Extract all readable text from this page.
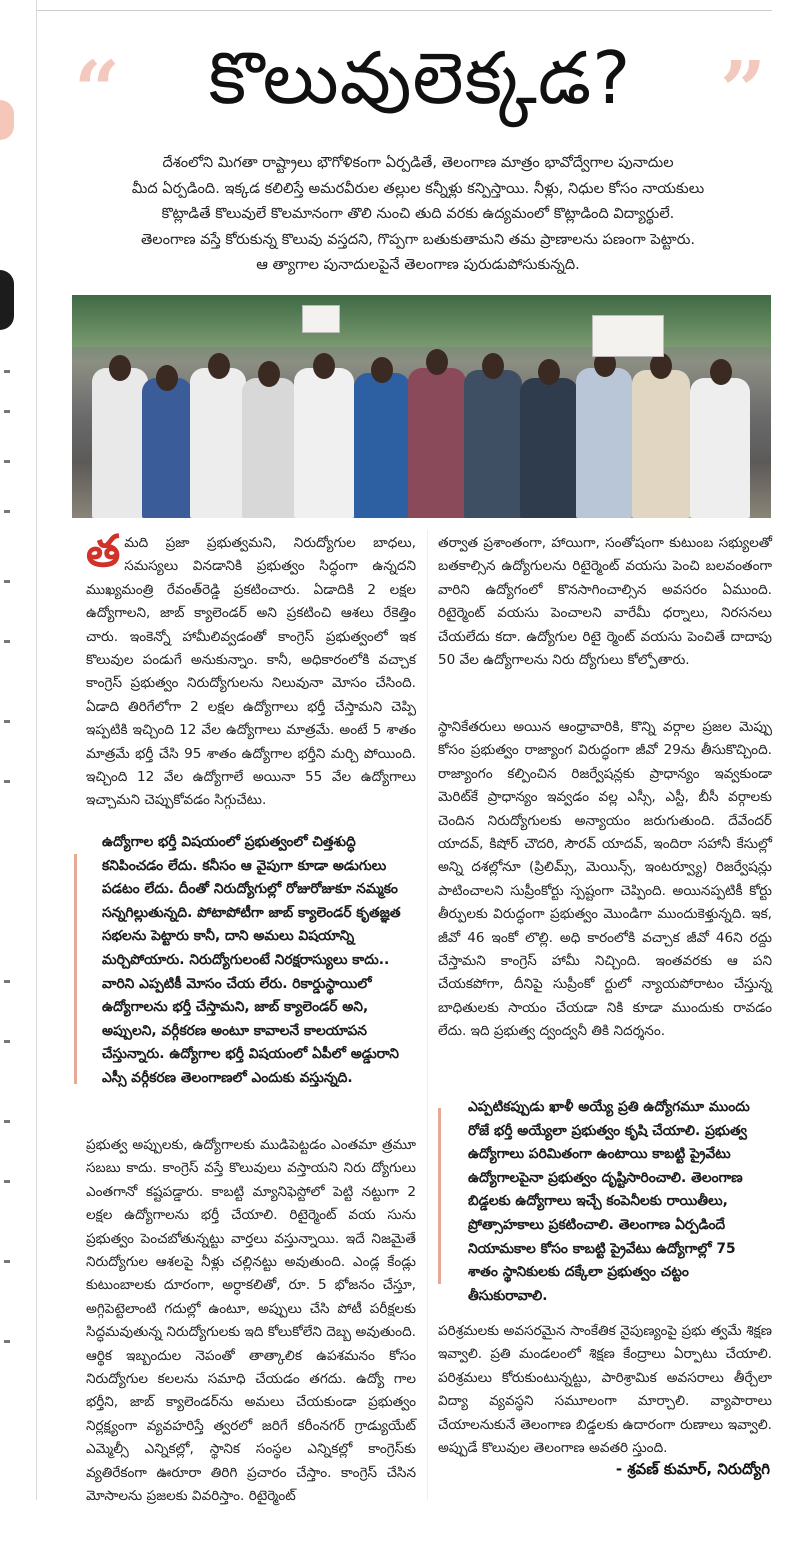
“	కొలువులెక్కడ?	”
దేశంలోని మిగతా రాష్ట్రాలు భౌగోళికంగా ఏర్పడితే, తెలంగాణ మాత్రం భావోద్వేగాల పునాదుల
మీద ఏర్పడింది. ఇక్కడ కలిలిస్తే అమరవీరుల తల్లుల కన్నీళ్లు కన్పిస్తాయి. నీళ్లు, నిధుల కోసం నాయకులు
కొట్లాడితే కొలువులే కొలమానంగా తొలి నుంచి తుది వరకు ఉద్యమంలో కొట్లాడింది విద్యార్థులే.
తెలంగాణ వస్తే కోరుకున్న కొలువు వస్తదని, గొప్పగా బతుకుతామని తమ ప్రాణాలను పణంగా పెట్టారు.
ఆ త్యాగాల పునాదులపైనే తెలంగాణ పురుడుపోసుకున్నది.

తమది ప్రజా ప్రభుత్వమని, నిరుద్యోగుల బాధలు, సమస్యలు వినడానికి ప్రభుత్వం సిద్ధంగా ఉన్నదని ముఖ్యమంత్రి రేవంత్‌రెడ్డి ప్రకటించారు. ఏడాదికి 2 లక్షల ఉద్యోగాలని, జాబ్ క్యాలెండర్ అని ప్రకటించి ఆశలు రేకెత్తిం చారు. ఇంకెన్నో హామీలివ్వడంతో కాంగ్రెస్ ప్రభుత్వంలో ఇక కొలువుల పండుగే అనుకున్నాం. కానీ, అధికారంలోకి వచ్చాక కాంగ్రెస్ ప్రభుత్వం నిరుద్యోగులను నిలువునా మోసం చేసింది. ఏడాది తిరిగేలోగా 2 లక్షల ఉద్యోగాలు భర్తీ చేస్తామని చెప్పి ఇప్పటికి ఇచ్చింది 12 వేల ఉద్యోగాలు మాత్రమే. అంటే 5 శాతం మాత్రమే భర్తీ చేసి 95 శాతం ఉద్యోగాల భర్తీని మర్చి పోయింది. ఇచ్చింది 12 వేల ఉద్యోగాలే అయినా 55 వేల ఉద్యోగాలు ఇచ్చామని చెప్పుకోవడం సిగ్గుచేటు.

ఉద్యోగాల భర్తీ విషయంలో ప్రభుత్వంలో చిత్తశుద్ధి కనిపించడం లేదు. కనీసం ఆ వైపుగా కూడా అడుగులు పడటం లేదు. దీంతో నిరుద్యోగుల్లో రోజురోజుకూ నమ్మకం సన్నగిల్లుతున్నది. పోటాపోటీగా జాబ్ క్యాలెండర్ కృతజ్ఞత సభలను పెట్టారు కానీ, దాని అమలు విషయాన్ని మర్చిపోయారు. నిరుద్యోగులంటే నిరక్షరాస్యులు కాదు.. వారిని ఎప్పటికీ మోసం చేయ లేరు. రికార్డుస్థాయిలో ఉద్యోగాలను భర్తీ చేస్తామని, జాబ్ క్యాలెండర్ అని, అప్పులని, వర్గీకరణ అంటూ కావాలనే కాలయాపన చేస్తున్నారు. ఉద్యోగాల భర్తీ విషయంలో ఏపీలో అడ్డురాని ఎస్సీ వర్గీకరణ తెలంగాణలో ఎందుకు వస్తున్నది.

ప్రభుత్వ అప్పులకు, ఉద్యోగాలకు ముడిపెట్టడం ఎంతమా త్రమూ సబబు కాదు. కాంగ్రెస్ వస్తే కొలువులు వస్తాయని నిరు ద్యోగులు ఎంతగానో కష్టపడ్డారు. కాబట్టి మ్యానిఫెస్టోలో పెట్టి నట్టుగా 2 లక్షల ఉద్యోగాలను భర్తీ చేయాలి. రిటైర్మెంట్ వయ సును ప్రభుత్వం పెంచబోతున్నట్టు వార్తలు వస్తున్నాయి. ఇదే నిజమైతే నిరుద్యోగుల ఆశలపై నీళ్లు చల్లినట్టు అవుతుంది. ఎండ్ల కేండ్లు కుటుంబాలకు దూరంగా, అర్ధాకలితో, రూ. 5 భోజనం చేస్తూ, అగ్గిపెట్టెలాంటి గదుల్లో ఉంటూ, అప్పులు చేసి పోటీ పరీక్షలకు సిద్ధమవుతున్న నిరుద్యోగులకు ఇది కోలుకోలేని దెబ్బ అవుతుంది. ఆర్థిక ఇబ్బందుల నెపంతో తాత్కాలిక ఉపశమనం కోసం నిరుద్యోగుల కలలను సమాధి చేయడం తగదు. ఉద్యో గాల భర్తీని, జాబ్ క్యాలెండర్‌ను అమలు చేయకుండా ప్రభుత్వం నిర్లక్ష్యంగా వ్యవహరిస్తే త్వరలో జరిగే కరీంనగర్ గ్రాడ్యుయేట్ ఎమ్మెల్సీ ఎన్నికల్లో, స్థానిక సంస్థల ఎన్నికల్లో కాంగ్రెస్‌కు వ్యతిరేకంగా ఊరూరా తిరిగి ప్రచారం చేస్తాం. కాంగ్రెస్ చేసిన మోసాలను ప్రజలకు వివరిస్తాం. రిటైర్మెంట్

తర్వాత ప్రశాంతంగా, హాయిగా, సంతోషంగా కుటుంబ సభ్యులతో బతకాల్సిన ఉద్యోగులను రిటైర్మెంట్ వయసు పెంచి బలవంతంగా వారిని ఉద్యోగంలో కొనసాగించాల్సిన అవసరం ఏముంది. రిటైర్మెంట్ వయసు పెంచాలని వారేమీ ధర్నాలు, నిరసనలు చేయలేదు కదా. ఉద్యోగుల రిటై ర్మెంట్ వయసు పెంచితే దాదాపు 50 వేల ఉద్యోగాలను నిరు ద్యోగులు కోల్పోతారు.

స్థానికేతరులు అయిన ఆంధ్రావారికి, కొన్ని వర్గాల ప్రజల మెప్పు కోసం ప్రభుత్వం రాజ్యాంగ విరుద్ధంగా జీవో 29ను తీసుకొచ్చింది. రాజ్యాంగం కల్పించిన రిజర్వేషన్లకు ప్రాధాన్యం ఇవ్వకుండా మెరిట్‌కే ప్రాధాన్యం ఇవ్వడం వల్ల ఎస్సీ, ఎస్టీ, బీసీ వర్గాలకు చెందిన నిరుద్యోగులకు అన్యాయం జరుగుతుంది. దేవేందర్ యాదవ్, కిషోర్ చౌదరి, సౌరవ్ యాదవ్, ఇందిరా సహానీ కేసుల్లో అన్ని దశల్లోనూ (ప్రిలిమ్స్, మెయిన్స్, ఇంటర్వ్యూ) రిజర్వేషన్లు పాటించాలని సుప్రీంకోర్టు స్పష్టంగా చెప్పింది. అయినప్పటికీ కోర్టు తీర్పులకు విరుద్ధంగా ప్రభుత్వం మొండిగా ముందుకెళ్తున్నది. ఇక, జీవో 46 ఇంకో లొల్లి. అధి కారంలోకి వచ్చాక జీవో 46ని రద్దు చేస్తామని కాంగ్రెస్ హామీ నిచ్చింది. ఇంతవరకు ఆ పని చేయకపోగా, దీనిపై సుప్రీంకో ర్టులో న్యాయపోరాటం చేస్తున్న బాధితులకు సాయం చేయడా నికి కూడా ముందుకు రావడం లేదు. ఇది ప్రభుత్వ ద్వంద్వనీ తికి నిదర్శనం.

ఎప్పటికప్పుడు ఖాళీ అయ్యే ప్రతి ఉద్యోగమూ ముందు రోజే భర్తీ అయ్యేలా ప్రభుత్వం కృషి చేయాలి. ప్రభుత్వ ఉద్యోగాలు పరిమితంగా ఉంటాయి కాబట్టి ప్రైవేటు ఉద్యోగాలపైనా ప్రభుత్వం దృష్టిసారించాలి. తెలంగాణ బిడ్డలకు ఉద్యోగాలు ఇచ్చే కంపెనీలకు రాయితీలు, ప్రోత్సాహకాలు ప్రకటించాలి. తెలంగాణ ఏర్పడిందే నియామకాల కోసం కాబట్టి ప్రైవేటు ఉద్యోగాల్లో 75 శాతం స్థానికులకు దక్కేలా ప్రభుత్వం చట్టం తీసుకురావాలి.

పరిశ్రమలకు అవసరమైన సాంకేతిక నైపుణ్యంపై ప్రభు త్వమే శిక్షణ ఇవ్వాలి. ప్రతి మండలంలో శిక్షణ కేంద్రాలు ఏర్పాటు చేయాలి. పరిశ్రమలు కోరుకుంటున్నట్టు, పారిశ్రామిక అవసరాలు తీర్చేలా విద్యా వ్యవస్థని సమూలంగా మార్చాలి. వ్యాపారాలు చేయాలనుకునే తెలంగాణ బిడ్డలకు ఉదారంగా రుణాలు ఇవ్వాలి. అప్పుడే కొలువుల తెలంగాణ అవతరి స్తుంది.

- శ్రవణ్ కుమార్, నిరుద్యోగి
